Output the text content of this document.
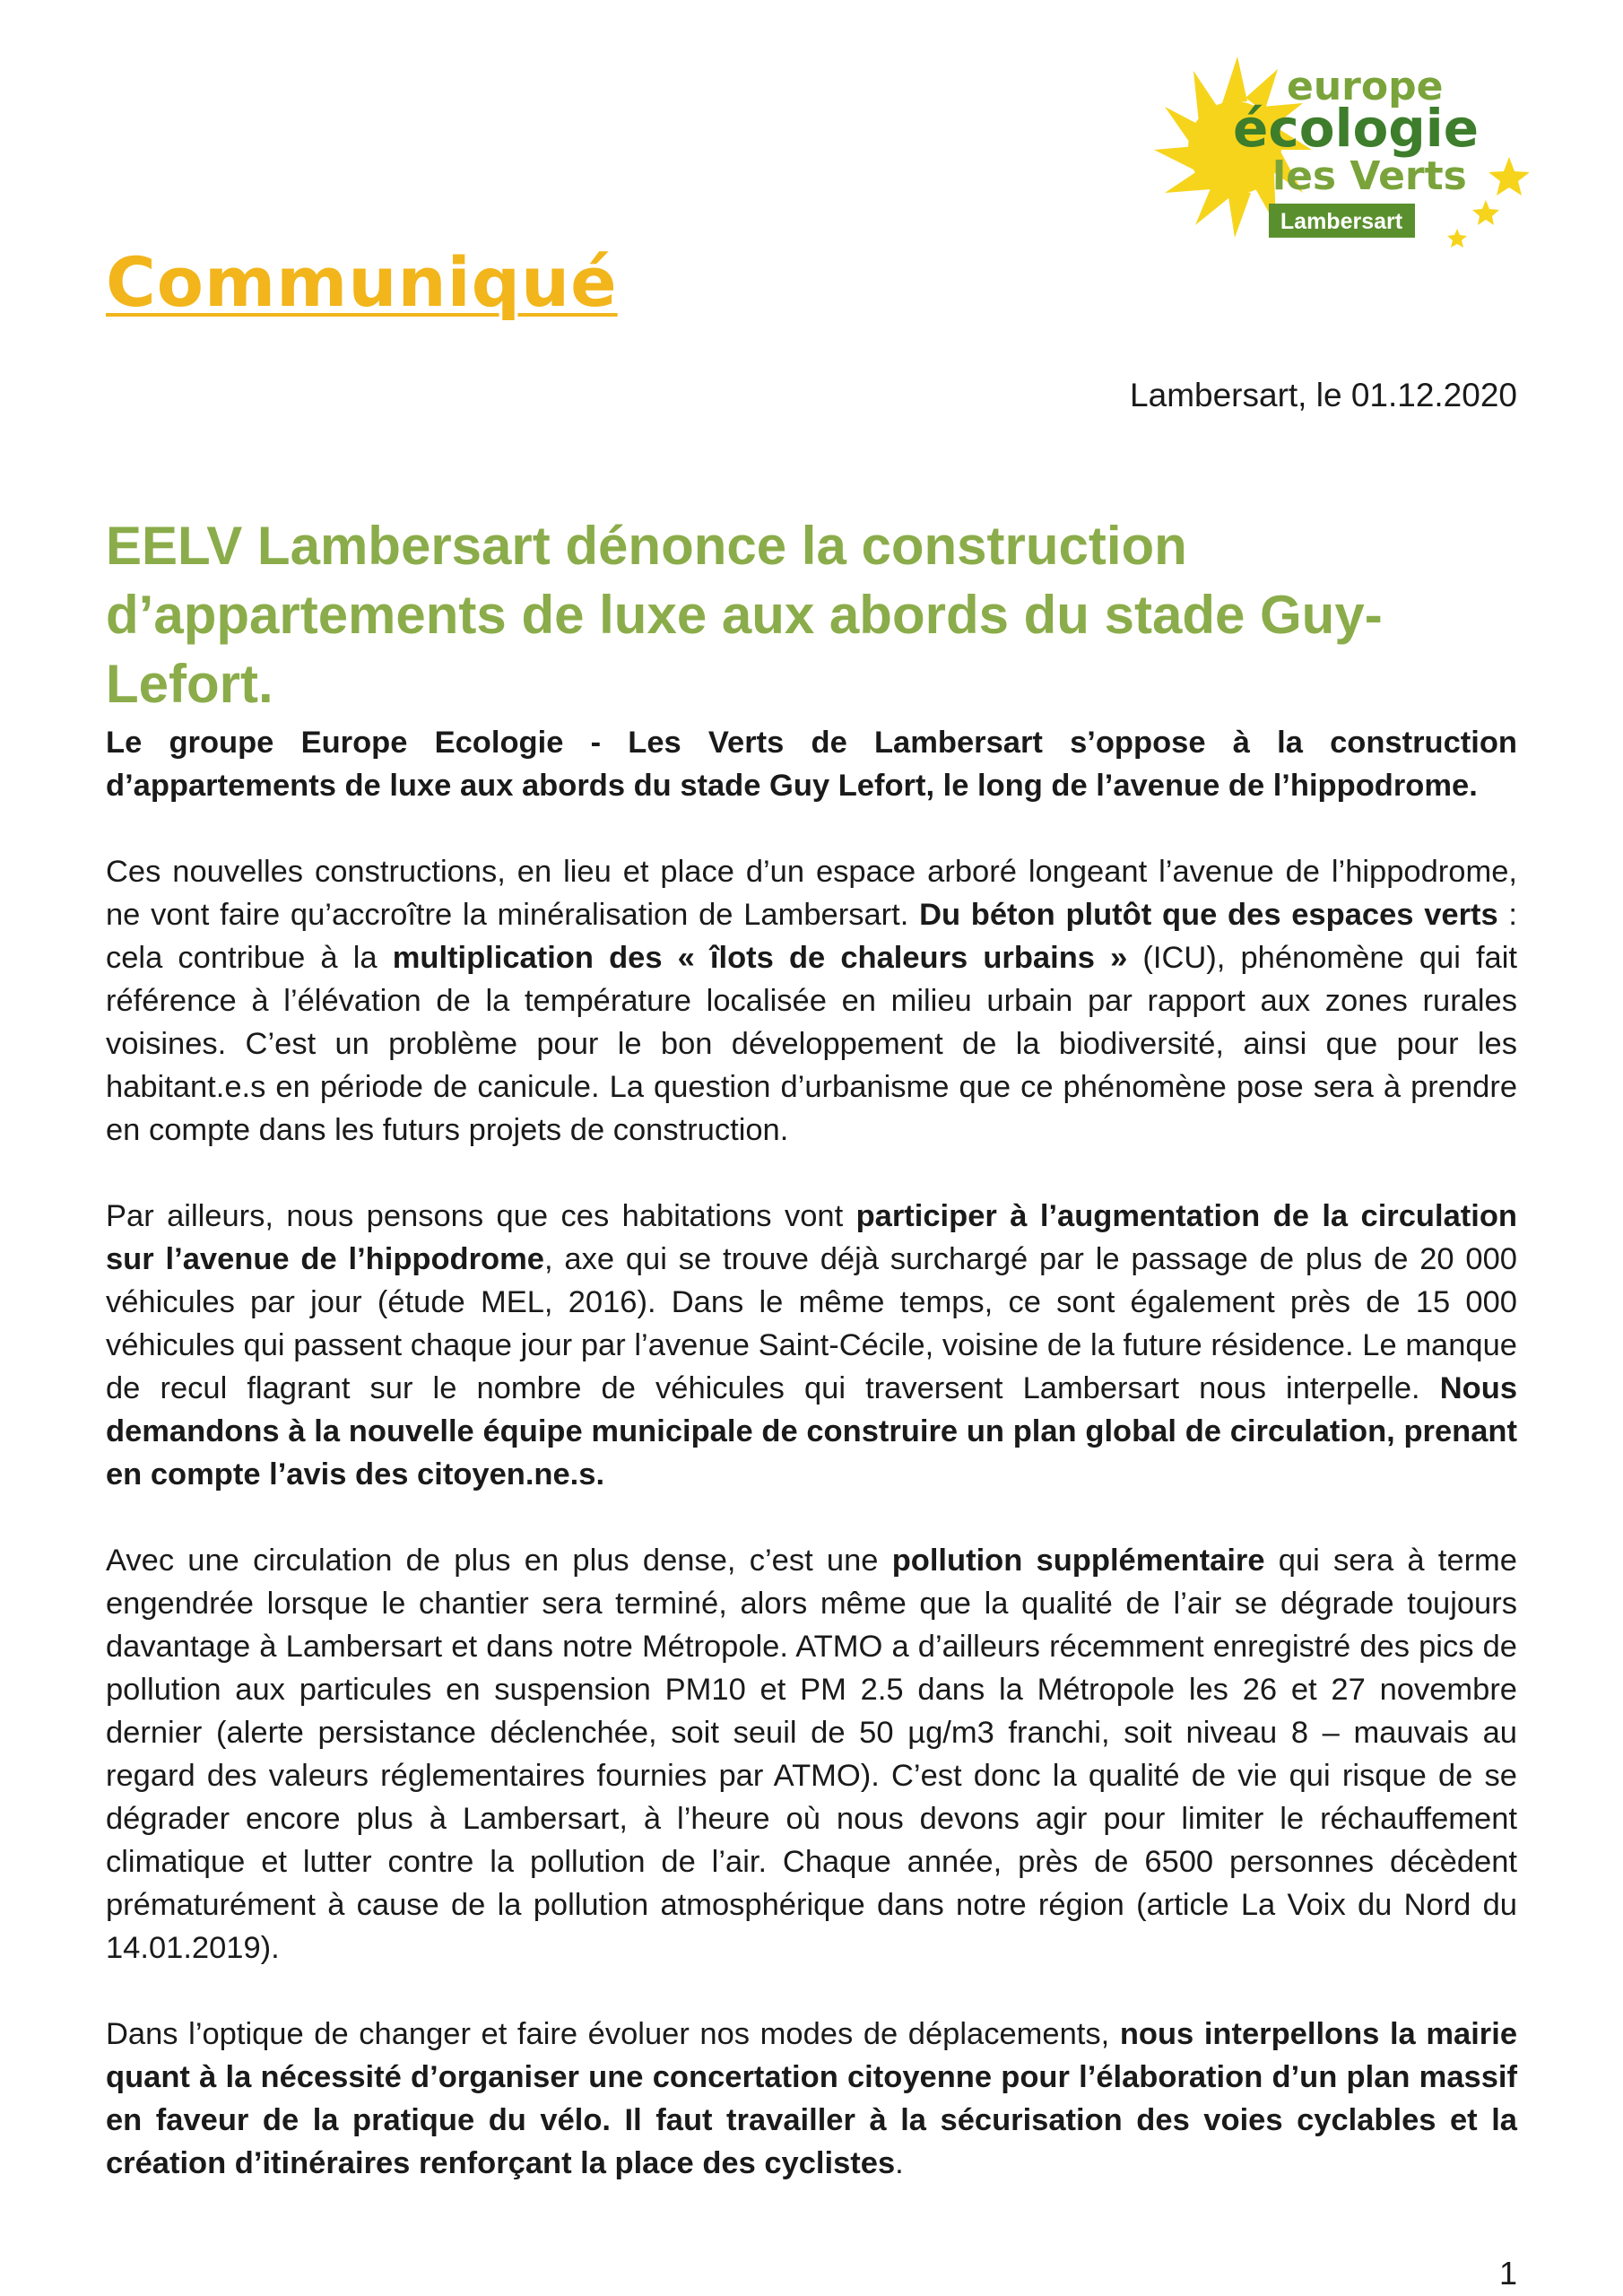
europe
écologie
les Verts
Lambersart
Communiqué

Lambersart, le 01.12.2020

EELV Lambersart dénonce la construction
d’appartements de luxe aux abords du stade Guy-Lefort.

Le groupe Europe Ecologie - Les Verts de Lambersart s’oppose à la construction d’appartements de luxe aux abords du stade Guy Lefort, le long de l’avenue de l’hippodrome.

Ces nouvelles constructions, en lieu et place d’un espace arboré longeant l’avenue de l’hippodrome, ne vont faire qu’accroître la minéralisation de Lambersart. Du béton plutôt que des espaces verts : cela contribue à la multiplication des « îlots de chaleurs urbains » (ICU), phénomène qui fait référence à l’élévation de la température localisée en milieu urbain par rapport aux zones rurales voisines. C’est un problème pour le bon développement de la biodiversité, ainsi que pour les habitant.e.s en période de canicule. La question d’urbanisme que ce phénomène pose sera à prendre en compte dans les futurs projets de construction.

Par ailleurs, nous pensons que ces habitations vont participer à l’augmentation de la circulation sur l’avenue de l’hippodrome, axe qui se trouve déjà surchargé par le passage de plus de 20 000 véhicules par jour (étude MEL, 2016). Dans le même temps, ce sont également près de 15 000 véhicules qui passent chaque jour par l’avenue Saint-Cécile, voisine de la future résidence. Le manque de recul flagrant sur le nombre de véhicules qui traversent Lambersart nous interpelle. Nous demandons à la nouvelle équipe municipale de construire un plan global de circulation, prenant en compte l’avis des citoyen.ne.s.

Avec une circulation de plus en plus dense, c’est une pollution supplémentaire qui sera à terme engendrée lorsque le chantier sera terminé, alors même que la qualité de l’air se dégrade toujours davantage à Lambersart et dans notre Métropole. ATMO a d’ailleurs récemment enregistré des pics de pollution aux particules en suspension PM10 et PM 2.5 dans la Métropole les 26 et 27 novembre dernier (alerte persistance déclenchée, soit seuil de 50 µg/m3 franchi, soit niveau 8 – mauvais au regard des valeurs réglementaires fournies par ATMO). C’est donc la qualité de vie qui risque de se dégrader encore plus à Lambersart, à l’heure où nous devons agir pour limiter le réchauffement climatique et lutter contre la pollution de l’air. Chaque année, près de 6500 personnes décèdent prématurément à cause de la pollution atmosphérique dans notre région (article La Voix du Nord du 14.01.2019).

Dans l’optique de changer et faire évoluer nos modes de déplacements, nous interpellons la mairie quant à la nécessité d’organiser une concertation citoyenne pour l’élaboration d’un plan massif en faveur de la pratique du vélo. Il faut travailler à la sécurisation des voies cyclables et la création d’itinéraires renforçant la place des cyclistes.

1
